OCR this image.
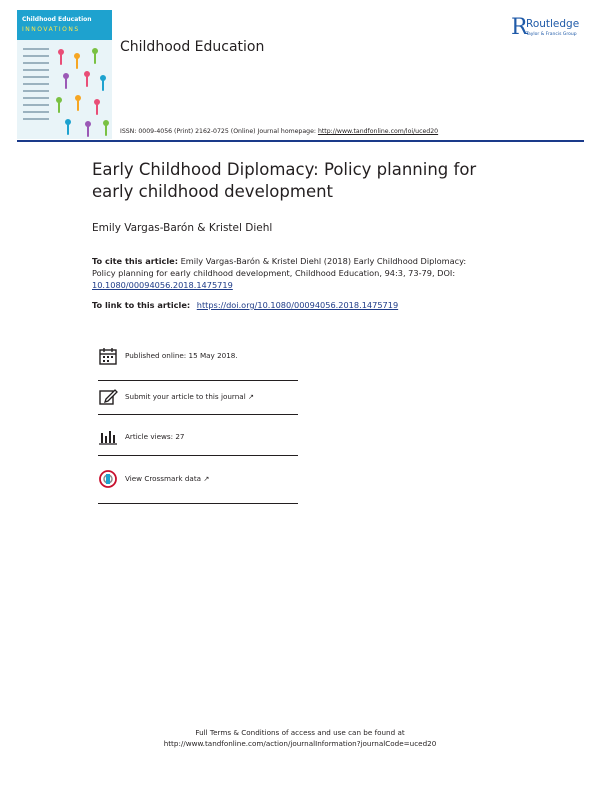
Childhood Education
INNOVATIONS
Childhood Education
R
Routledge
Taylor & Francis Group
ISSN: 0009-4056 (Print) 2162-0725 (Online) Journal homepage: http://www.tandfonline.com/loi/uced20
Early Childhood Diplomacy: Policy planning for early childhood development
Emily Vargas-Barón & Kristel Diehl
To cite this article: Emily Vargas-Barón & Kristel Diehl (2018) Early Childhood Diplomacy: Policy planning for early childhood development, Childhood Education, 94:3, 73-79, DOI: 10.1080/00094056.2018.1475719
To link to this article: https://doi.org/10.1080/00094056.2018.1475719
Published online: 15 May 2018.
Submit your article to this journal ↗
Article views: 27
View Crossmark data ↗
Full Terms & Conditions of access and use can be found at
http://www.tandfonline.com/action/journalInformation?journalCode=uced20
